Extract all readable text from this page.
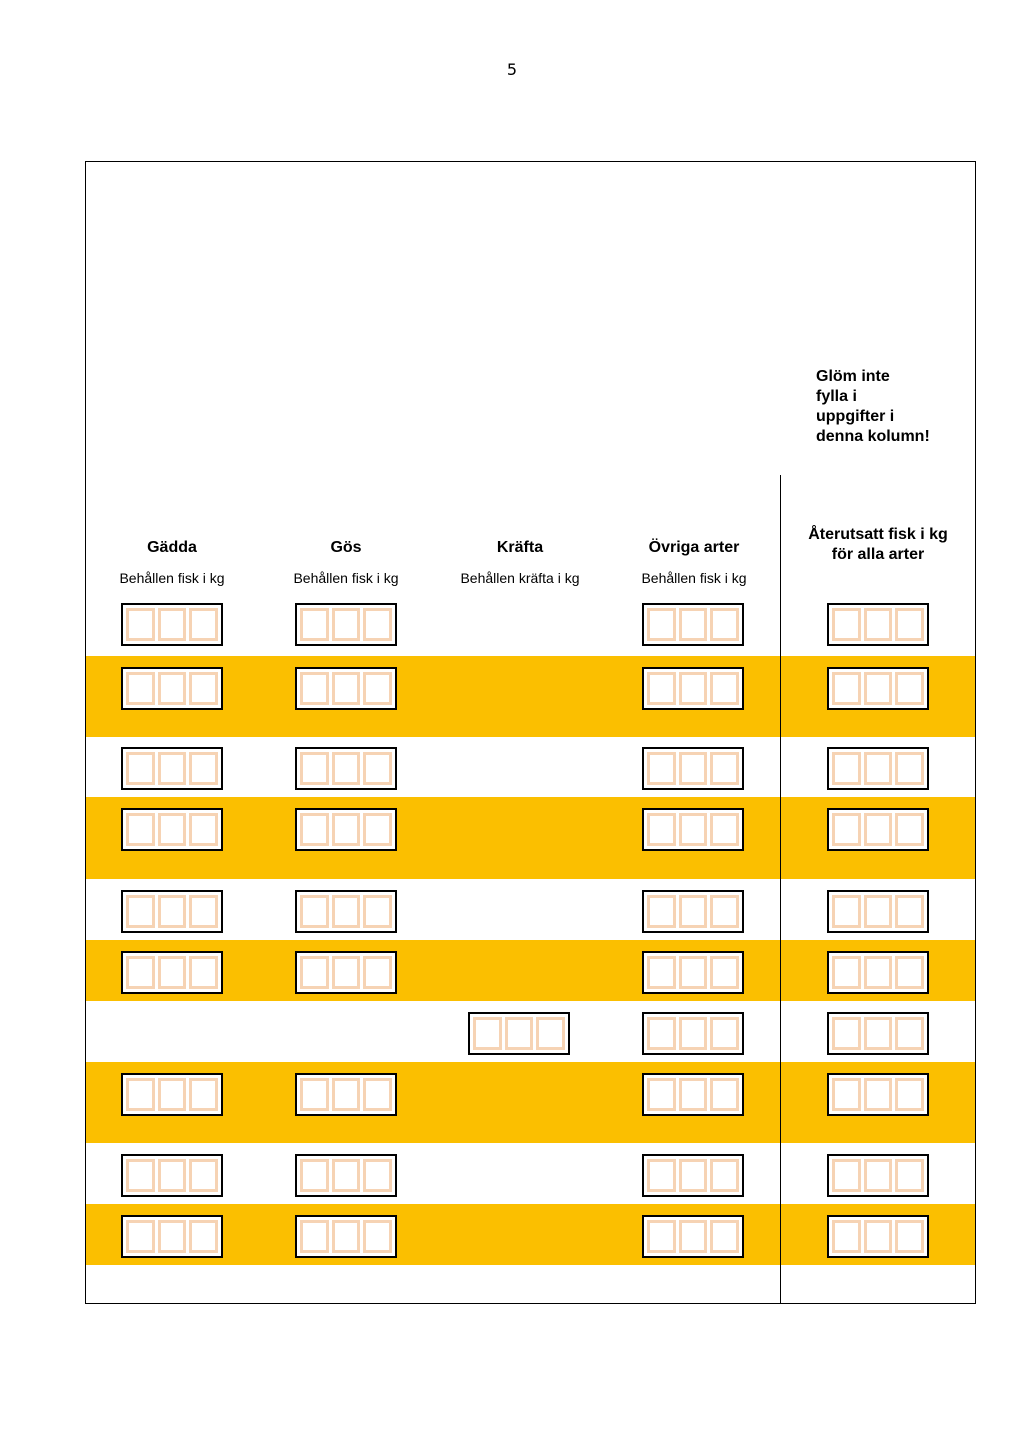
5
Glöm inte
fylla i
uppgifter i
denna kolumn!
Gädda
Behållen fisk i kg
Gös
Behållen fisk i kg
Kräfta
Behållen kräfta i kg
Övriga arter
Behållen fisk i kg
Återutsatt fisk i kg
för alla arter
